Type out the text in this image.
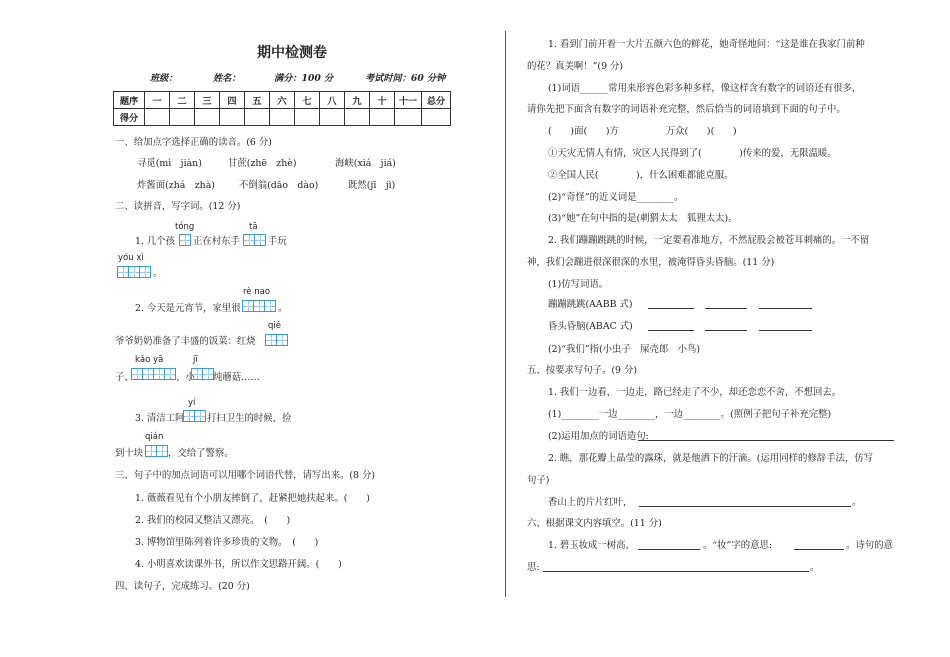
期中检测卷
班级：	姓名：	满分：100 分	考试时间：60 分钟
题序	一	二	三	四	五	六	七	八	九	十	十一	总分
得分												
一、给加点字选择正确的读音。(6 分)
寻觅(mì　jiàn)	甘蔗(zhē　zhè)	海峡(xiá　jiá)
炸酱面(zhá　zhà)	不倒翁(dāo　dào)	既然(jī　jì)
二、读拼音，写字词。(12 分)
tóng	tā
1. 几个孩 正在村东手	手玩
yóu xì
。
rè nao
2. 今天是元宵节，家里很	。
qié
爷爷奶奶准备了丰盛的饭菜：红烧
kǎo yā	jī
子、	、小 炖蘑菇……
yí
3. 清洁工阿 打扫卫生的时候，捡
qián
到十块	，交给了警察。
三、句子中的加点词语可以用哪个词语代替，请写出来。(8 分)
1. 薇薇看见有个小朋友摔倒了，赶紧把她扶起来。(　　)
2. 我们的校园又整洁又漂亮。　(　　)
3. 博物馆里陈列着许多珍贵的文物。　(　　)
4. 小明喜欢读课外书，所以作文思路开阔。(　　)
四、读句子，完成练习。(20 分)
1. 看到门前开着一大片五颜六色的鲜花，她奇怪地问：“这是谁在我家门前种
的花？真美啊！”(9 分)
(1)词语______常用来形容色彩多种多样，像这样含有数字的词语还有很多，
请你先把下面含有数字的词语补充完整，然后恰当的词语填到下面的句子中。
(　　)面(　　)方　　　　　万众(　　)(　　)
①天灾无情人有情，灾区人民得到了(　　　　)传来的爱，无限温暖。
②全国人民(　　　　)，什么困难都能克服。
(2)“奇怪”的近义词是________。
(3)“她”在句中指的是(刺猬太太　狐狸太太)。
2. 我们蹦蹦跳跳的时候，一定要看准地方，不然屁股会被苍耳刺痛的。一不留
神，我们会蹦进很深很深的水里，被淹得昏头昏脑。(11 分)
(1)仿写词语。
蹦蹦跳跳(AABB 式)
昏头昏脑(ABAC 式)
(2)“我们”指(小虫子　屎壳郎　小鸟)
五、按要求写句子。(9 分)
1. 我们一边看，一边走，路已经走了不少，却还恋恋不舍，不想回去。
(1)________一边________，一边________。(照例子把句子补充完整)
(2)运用加点的词语造句:
2. 瞧，那花瓣上晶莹的露珠，就是他洒下的汗滴。(运用同样的修辞手法，仿写
句子)
香山上的片片红叶，	。
六、根据课文内容填空。(11 分)
1. 碧玉妆成一树高，	。“妆”字的意思:	。诗句的意
思:	。
